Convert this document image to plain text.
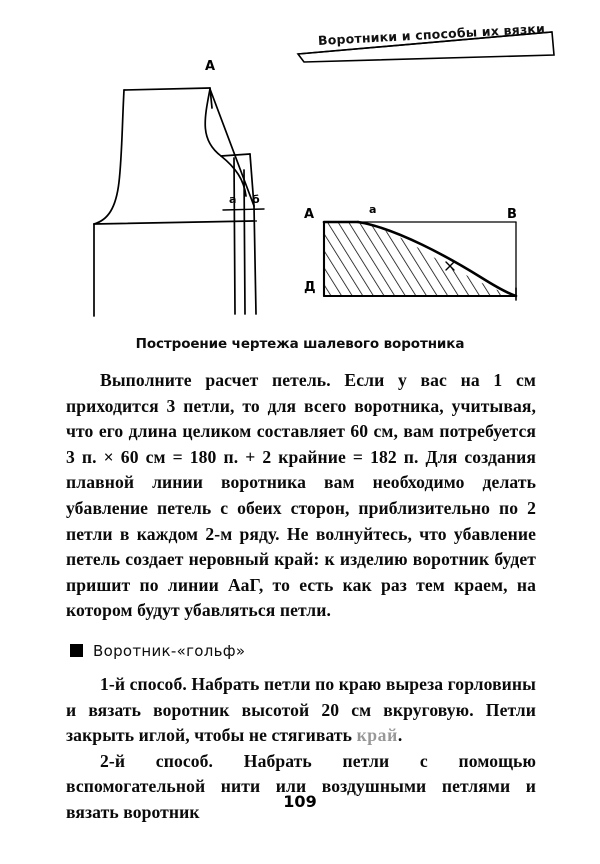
Воротники и способы их вязки
A
а б
A	а	В
Д
Построение чертежа шалевого воротника

Выполните расчет петель. Если у вас на 1 см приходится 3 петли, то для всего воротника, учитывая, что его длина целиком составляет 60 см, вам потребуется 3 п. × 60 см = 180 п. + 2 крайние = 182 п. Для создания плавной линии воротника вам необходимо делать убавление петель с обеих сторон, приблизительно по 2 петли в каждом 2-м ряду. Не волнуйтесь, что убавление петель создает неровный край: к изделию воротник будет пришит по линии АаГ, то есть как раз тем краем, на котором будут убавляться петли.

Воротник-«гольф»

1-й способ. Набрать петли по краю выреза горловины и вязать воротник высотой 20 см вкруговую. Петли закрыть иглой, чтобы не стягивать край.

2-й способ. Набрать петли с помощью вспомогательной нити или воздушными петлями и вязать воротник

109
